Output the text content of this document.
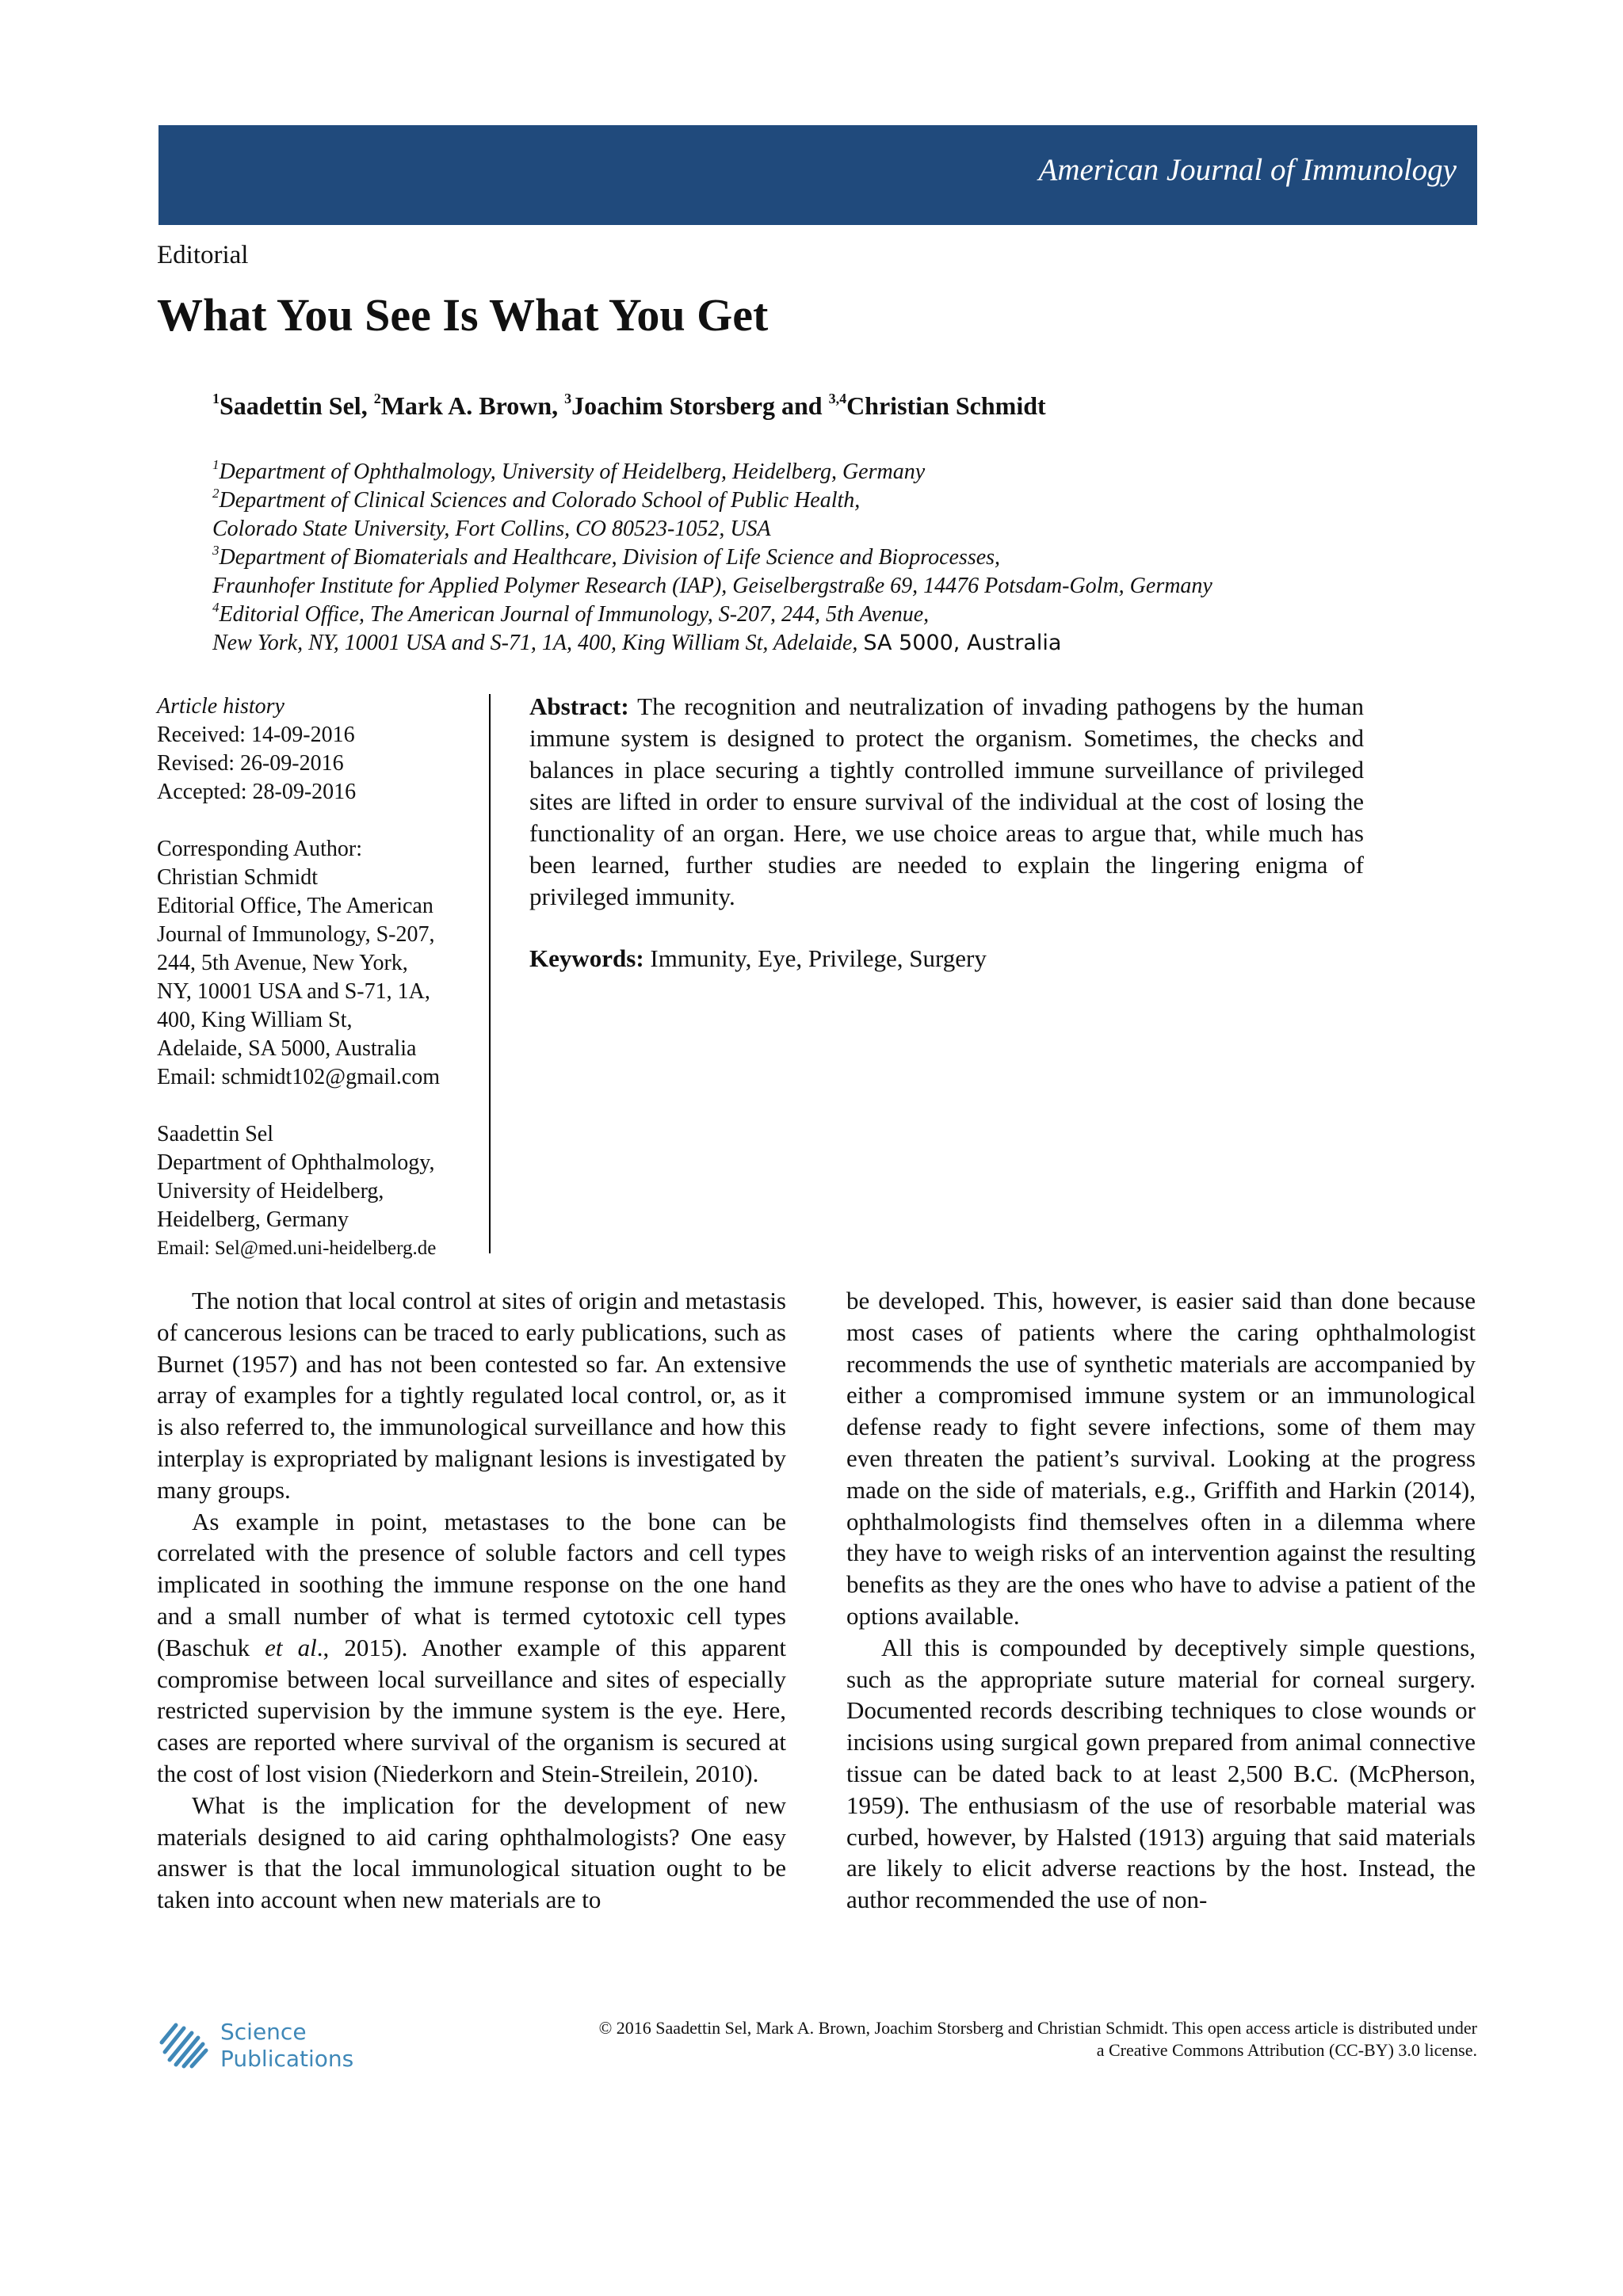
American Journal of Immunology
Editorial
What You See Is What You Get
$^1$Saadettin Sel, $^2$Mark A. Brown, $^3$Joachim Storsberg and $^{3,4}$Christian Schmidt
$^1$Department of Ophthalmology, University of Heidelberg, Heidelberg, Germany
$^2$Department of Clinical Sciences and Colorado School of Public Health,
Colorado State University, Fort Collins, CO 80523-1052, USA
$^3$Department of Biomaterials and Healthcare, Division of Life Science and Bioprocesses,
Fraunhofer Institute for Applied Polymer Research (IAP), Geiselbergstraße 69, 14476 Potsdam-Golm, Germany
$^4$Editorial Office, The American Journal of Immunology, S-207, 244, 5th Avenue,
New York, NY, 10001 USA and S-71, 1A, 400, King William St, Adelaide, SA 5000, Australia
Article history
Received: 14-09-2016
Revised: 26-09-2016
Accepted: 28-09-2016
Corresponding Author:
Christian Schmidt
Editorial Office, The American
Journal of Immunology, S-207,
244, 5th Avenue, New York,
NY, 10001 USA and S-71, 1A,
400, King William St,
Adelaide, SA 5000, Australia
Email: schmidt102@gmail.com
Saadettin Sel
Department of Ophthalmology,
University of Heidelberg,
Heidelberg, Germany
Email: Sel@med.uni-heidelberg.de

Abstract: The recognition and neutralization of invading pathogens by the human immune system is designed to protect the organism. Sometimes, the checks and balances in place securing a tightly controlled immune surveillance of privileged sites are lifted in order to ensure survival of the individual at the cost of losing the functionality of an organ. Here, we use choice areas to argue that, while much has been learned, further studies are needed to explain the lingering enigma of privileged immunity.

Keywords: Immunity, Eye, Privilege, Surgery

The notion that local control at sites of origin and metastasis of cancerous lesions can be traced to early publications, such as Burnet (1957) and has not been contested so far. An extensive array of examples for a tightly regulated local control, or, as it is also referred to, the immunological surveillance and how this interplay is expropriated by malignant lesions is investigated by many groups.

As example in point, metastases to the bone can be correlated with the presence of soluble factors and cell types implicated in soothing the immune response on the one hand and a small number of what is termed cytotoxic cell types (Baschuk et al., 2015). Another example of this apparent compromise between local surveillance and sites of especially restricted supervision by the immune system is the eye. Here, cases are reported where survival of the organism is secured at the cost of lost vision (Niederkorn and Stein-Streilein, 2010).

What is the implication for the development of new materials designed to aid caring ophthalmologists? One easy answer is that the local immunological situation ought to be taken into account when new materials are to

be developed. This, however, is easier said than done because most cases of patients where the caring ophthalmologist recommends the use of synthetic materials are accompanied by either a compromised immune system or an immunological defense ready to fight severe infections, some of them may even threaten the patient’s survival. Looking at the progress made on the side of materials, e.g., Griffith and Harkin (2014), ophthalmologists find themselves often in a dilemma where they have to weigh risks of an intervention against the resulting benefits as they are the ones who have to advise a patient of the options available.

All this is compounded by deceptively simple questions, such as the appropriate suture material for corneal surgery. Documented records describing techniques to close wounds or incisions using surgical gown prepared from animal connective tissue can be dated back to at least 2,500 B.C. (McPherson, 1959). The enthusiasm of the use of resorbable material was curbed, however, by Halsted (1913) arguing that said materials are likely to elicit adverse reactions by the host. Instead, the author recommended the use of non-

Science
Publications
© 2016 Saadettin Sel, Mark A. Brown, Joachim Storsberg and Christian Schmidt. This open access article is distributed under
a Creative Commons Attribution (CC-BY) 3.0 license.
